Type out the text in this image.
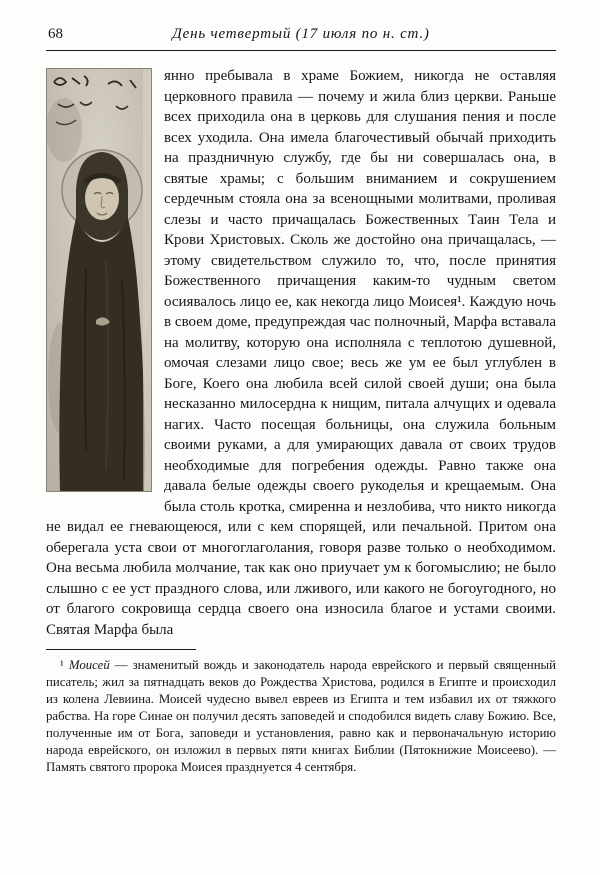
68	День четвертый (17 июля по н. ст.)

янно пребывала в храме Божием, никогда не оставляя церковного правила — почему и жила близ церкви. Раньше всех приходила она в церковь для слушания пения и после всех уходила. Она имела благочестивый обычай приходить на праздничную службу, где бы ни совершалась она, в святые храмы; с большим вниманием и сокрушением сердечным стояла она за всенощными молитвами, проливая слезы и часто причащалась Божественных Таин Тела и Крови Христовых. Сколь же достойно она причащалась, — этому свидетельством служило то, что, после принятия Божественного причащения каким-то чудным светом осиявалось лицо ее, как некогда лицо Моисея¹. Каждую ночь в своем доме, предупреждая час полночный, Марфа вставала на молитву, которую она исполняла с теплотою душевной, омочая слезами лицо свое; весь же ум ее был углублен в Боге, Коего она любила всей силой своей души; она была несказанно милосердна к нищим, питала алчущих и одевала нагих. Часто посещая больницы, она служила больным своими руками, а для умирающих давала от своих трудов необходимые для погребения одежды. Равно также она давала белые одежды своего рукоделья и крещаемым. Она была столь кротка, смиренна и незлобива, что никто никогда не видал ее гневающеюся, или с кем спорящей, или печальной. Притом она оберегала уста свои от многоглаголания, говоря разве только о необходимом. Она весьма любила молчание, так как оно приучает ум к богомыслию; не было слышно с ее уст праздного слова, или лживого, или какого не богоугодного, но от благого сокровища сердца своего она износила благое и устами своими. Святая Марфа была

¹ Моисей — знаменитый вождь и законодатель народа еврейского и первый священный писатель; жил за пятнадцать веков до Рождества Христова, родился в Египте и происходил из колена Левиина. Моисей чудесно вывел евреев из Египта и тем избавил их от тяжкого рабства. На горе Синае он получил десять заповедей и сподобился видеть славу Божию. Все, полученные им от Бога, заповеди и установления, равно как и первоначальную историю народа еврейского, он изложил в первых пяти книгах Библии (Пятокнижие Моисеево). — Память святого пророка Моисея празднуется 4 сентября.
